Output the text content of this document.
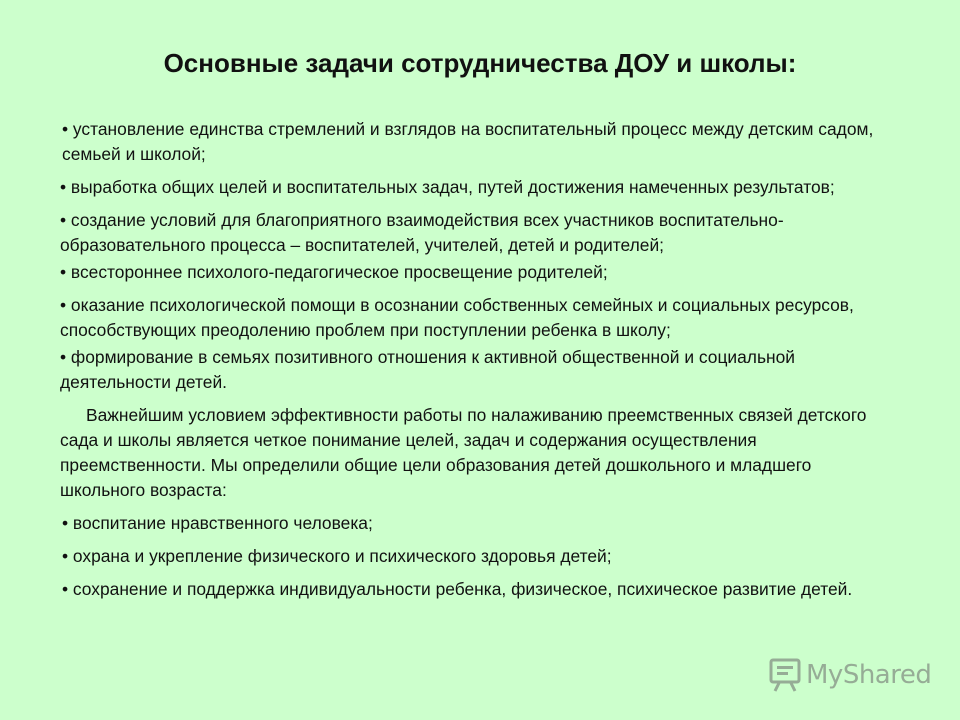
Основные задачи сотрудничества ДОУ и школы:

• установление единства стремлений и взглядов на воспитательный процесс между детским садом, семьей и школой;

• выработка общих целей и воспитательных задач, путей достижения намеченных результатов;

• создание условий для благоприятного взаимодействия всех участников воспитательно-образовательного процесса – воспитателей, учителей, детей и родителей;

• всестороннее психолого-педагогическое просвещение родителей;

• оказание психологической помощи в осознании собственных семейных и социальных ресурсов, способствующих преодолению проблем при поступлении ребенка в школу;

• формирование в семьях позитивного отношения к активной общественной и социальной деятельности детей.

Важнейшим условием эффективности работы по налаживанию преемственных связей детского сада и школы является четкое понимание целей, задач и содержания осуществления преемственности. Мы определили общие цели образования детей дошкольного и младшего школьного возраста:

• воспитание нравственного человека;

• охрана и укрепление физического и психического здоровья детей;

• сохранение и поддержка индивидуальности ребенка, физическое, психическое развитие детей.

MyShared
